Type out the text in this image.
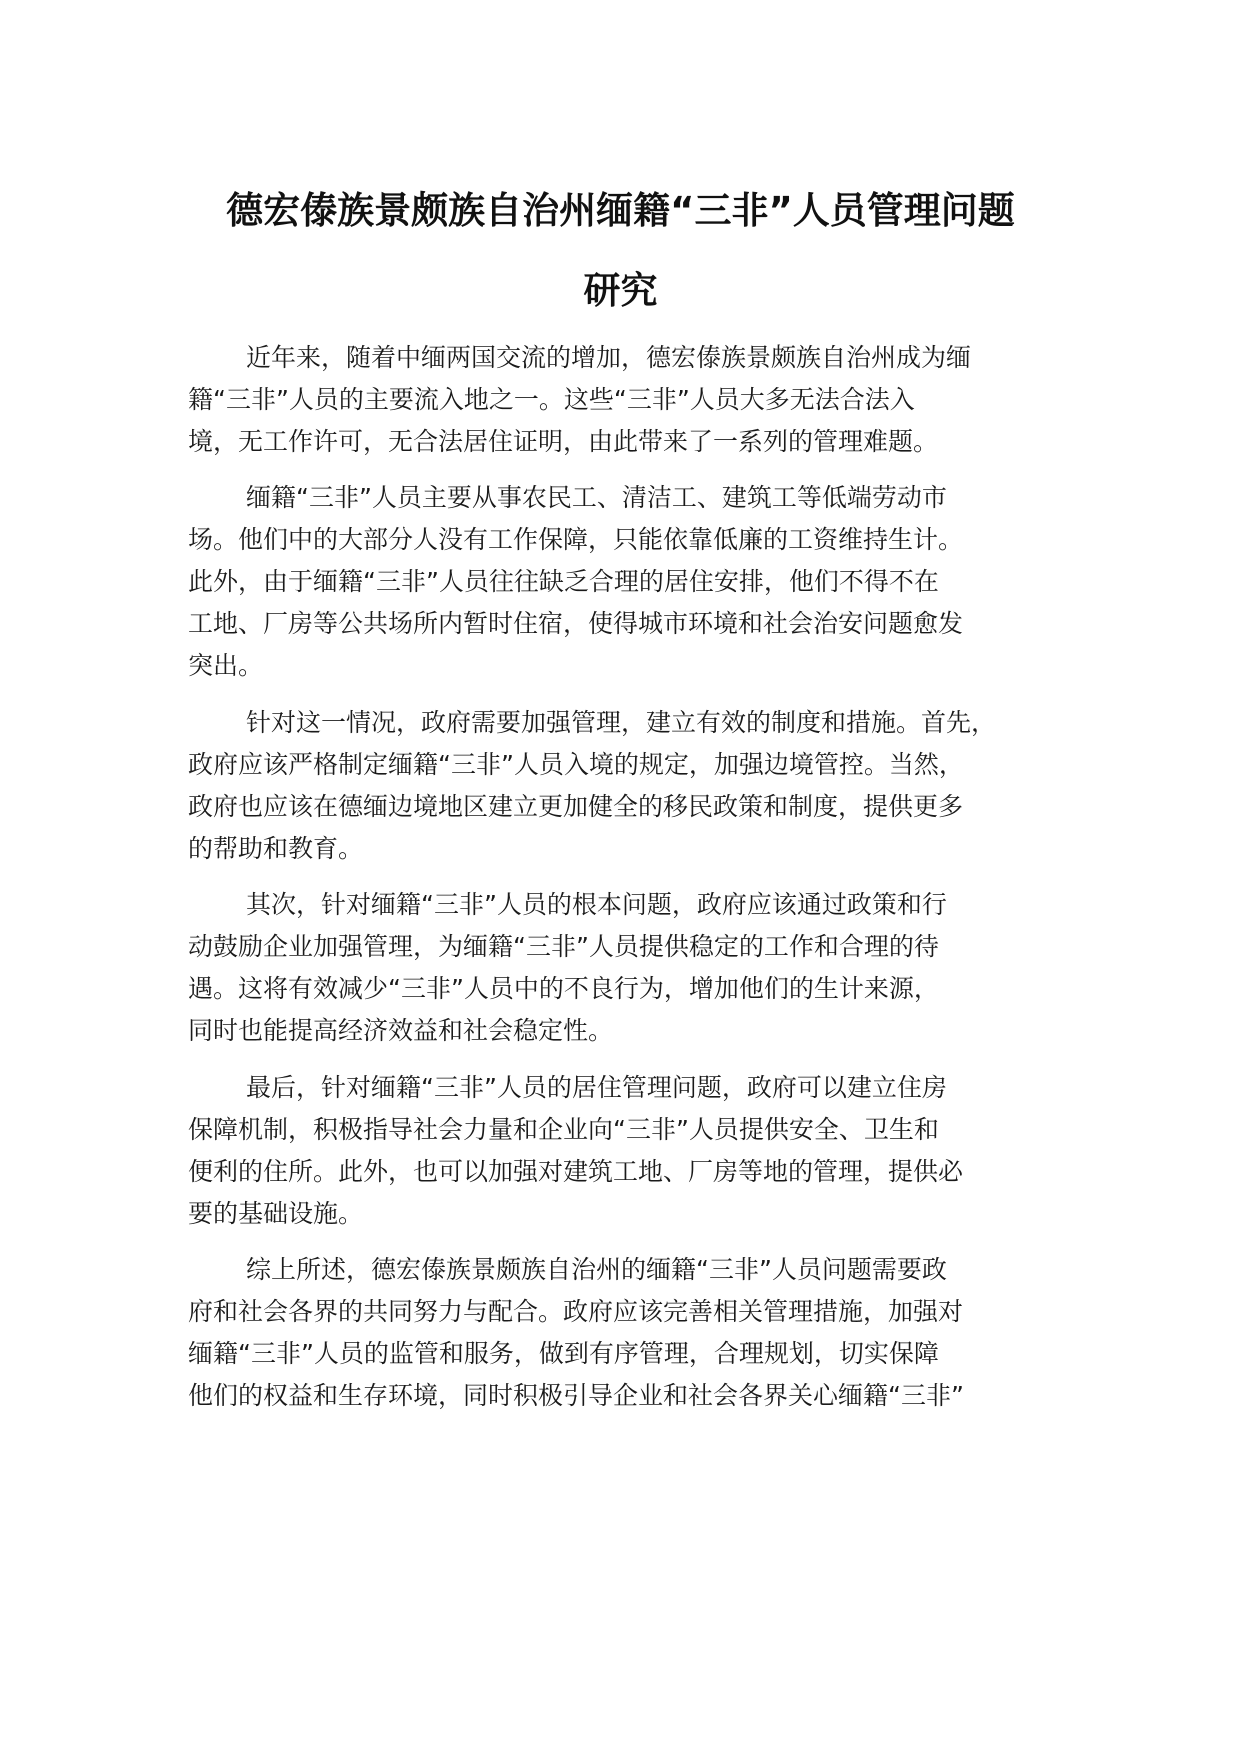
德宏傣族景颇族自治州缅籍“三非”人员管理问题
研究
近年来，随着中缅两国交流的增加，德宏傣族景颇族自治州成为缅
籍“三非”人员的主要流入地之一。这些“三非”人员大多无法合法入
境，无工作许可，无合法居住证明，由此带来了一系列的管理难题。
缅籍“三非”人员主要从事农民工、清洁工、建筑工等低端劳动市
场。他们中的大部分人没有工作保障，只能依靠低廉的工资维持生计。
此外，由于缅籍“三非”人员往往缺乏合理的居住安排，他们不得不在
工地、厂房等公共场所内暂时住宿，使得城市环境和社会治安问题愈发
突出。
针对这一情况，政府需要加强管理，建立有效的制度和措施。首先，
政府应该严格制定缅籍“三非”人员入境的规定，加强边境管控。当然，
政府也应该在德缅边境地区建立更加健全的移民政策和制度，提供更多
的帮助和教育。
其次，针对缅籍“三非”人员的根本问题，政府应该通过政策和行
动鼓励企业加强管理，为缅籍“三非”人员提供稳定的工作和合理的待
遇。这将有效减少“三非”人员中的不良行为，增加他们的生计来源，
同时也能提高经济效益和社会稳定性。
最后，针对缅籍“三非”人员的居住管理问题，政府可以建立住房
保障机制，积极指导社会力量和企业向“三非”人员提供安全、卫生和
便利的住所。此外，也可以加强对建筑工地、厂房等地的管理，提供必
要的基础设施。
综上所述，德宏傣族景颇族自治州的缅籍“三非”人员问题需要政
府和社会各界的共同努力与配合。政府应该完善相关管理措施，加强对
缅籍“三非”人员的监管和服务，做到有序管理，合理规划，切实保障
他们的权益和生存环境，同时积极引导企业和社会各界关心缅籍“三非”
